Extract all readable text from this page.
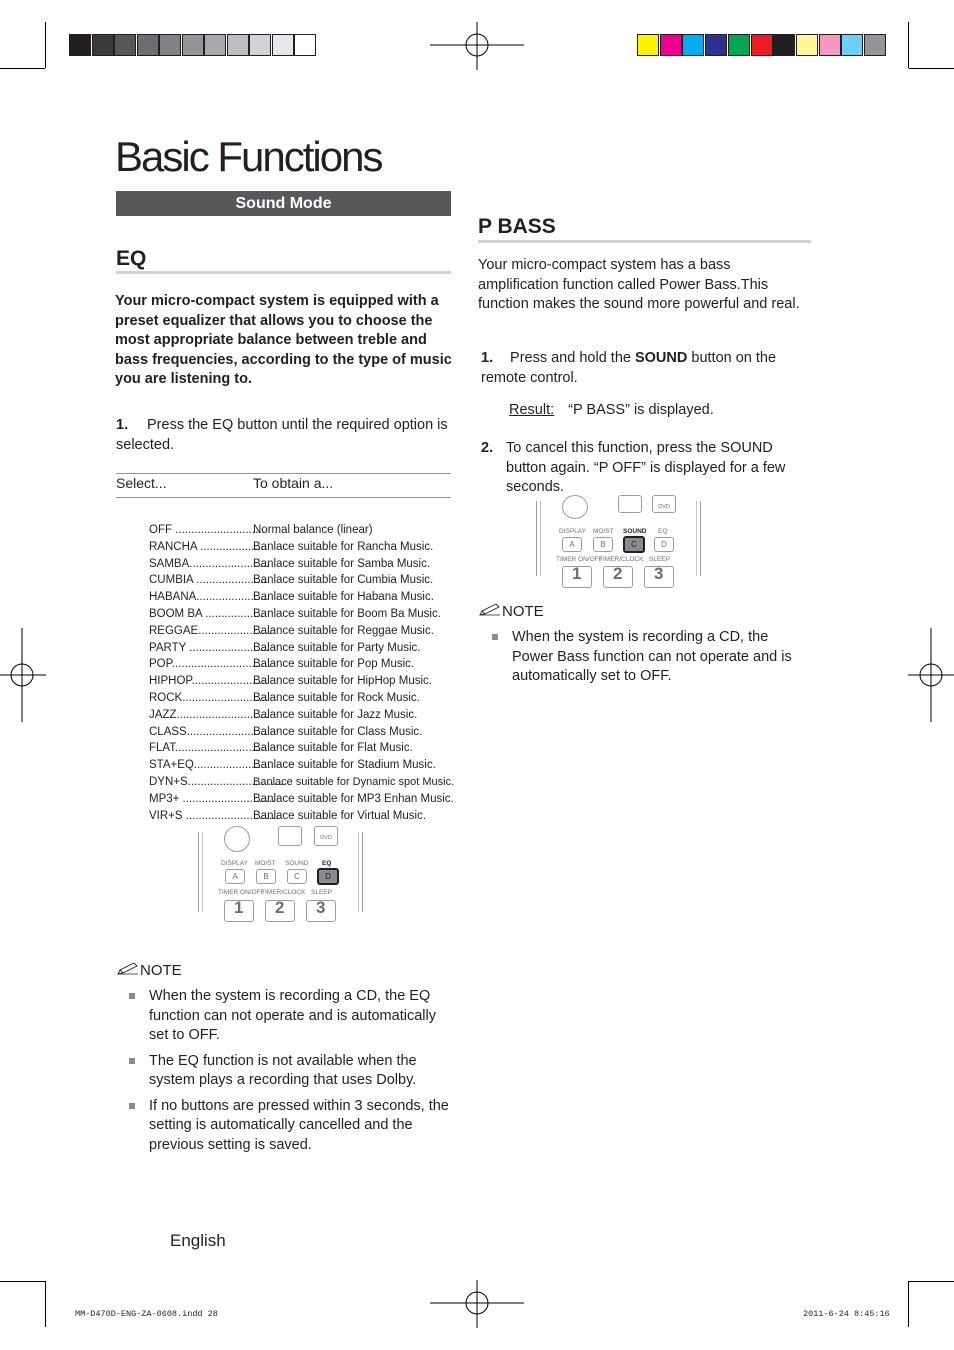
Basic Functions
Sound Mode
EQ
Your micro-compact system is equipped with a preset equalizer that allows you to choose the most appropriate balance between treble and bass frequencies, according to the type of music you are listening to.
1. Press the EQ button until the required option is selected.
Select...	To obtain a...
OFF ............................Normal balance (linear)
RANCHA .....................Banlace suitable for Rancha Music.
SAMBA.........................Banlace suitable for Samba Music.
CUMBIA .......................Banlace suitable for Cumbia Music.
HABANA.......................Banlace suitable for Habana Music.
BOOM BA ..................Banlace suitable for Boom Ba Music.
REGGAE.......................Balance suitable for Reggae Music.
PARTY .........................Balance suitable for Party Music.
POP...............................Balance suitable for Pop Music.
HIPHOP........................Balance suitable for HipHop Music.
ROCK...........................Balance suitable for Rock Music.
JAZZ.............................Balance suitable for Jazz Music.
CLASS...........................Balance suitable for Class Music.
FLAT.............................Balance suitable for Flat Music.
STA+EQ........................Banlace suitable for Stadium Music.
DYN+S...............................Banlace suitable for Dynamic spot Music.
MP3+ .............................Banlace suitable for MP3 Enhan Music.
VIR+S .............................Banlace suitable for Virtual Music.
DVD
DISPLAY MO/ST SOUND EQ
A	B	C	D
TIMER ON/OFF
TIMER/CLOCK SLEEP
1 2 3
NOTE
When the system is recording a CD, the EQ function can not operate and is automatically set to OFF.
The EQ function is not available when the system plays a recording that uses Dolby.
If no buttons are pressed within 3 seconds, the setting is automatically cancelled and the previous setting is saved.
P BASS
Your micro-compact system has a bass amplification function called Power Bass.This function makes the sound more powerful and real.
1. Press and hold the SOUND button on the remote control.
Result: “P BASS” is displayed.
2. To cancel this function, press the SOUND button again. “P OFF” is displayed for a few seconds.
DVD
DISPLAY MO/ST SOUND EQ
A	B	C	D
TIMER ON/OFF
TIMER/CLOCK SLEEP
1 2 3
NOTE
When the system is recording a CD, the Power Bass function can not operate and is automatically set to OFF.
English
MM-D470D-ENG-ZA-0608.indd 28	2011-6-24 8:45:16
